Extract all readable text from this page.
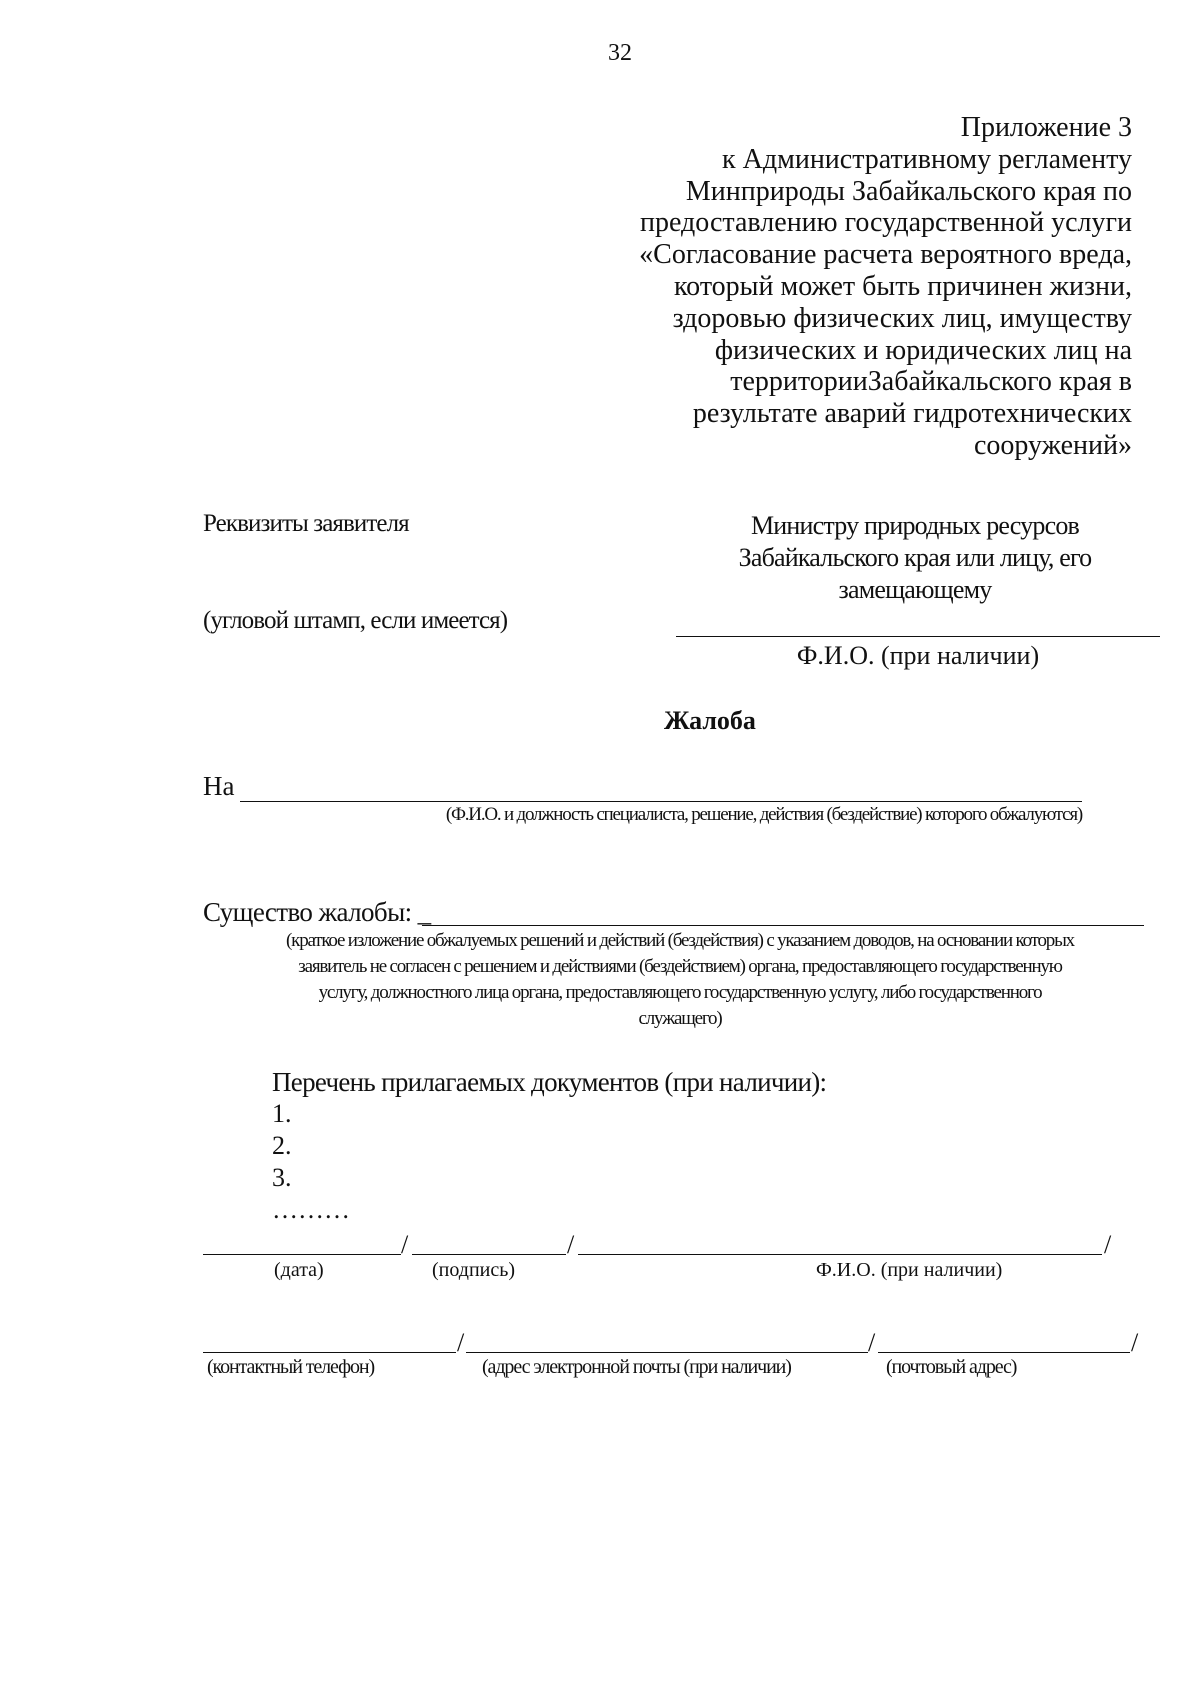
32
Приложение 3
к Административному регламенту
Минприроды Забайкальского края по
предоставлению государственной услуги
«Согласование расчета вероятного вреда,
который может быть причинен жизни,
здоровью физических лиц, имуществу
физических и юридических лиц на
территорииЗабайкальского края в
результате аварий гидротехнических
сооружений»
Реквизиты заявителя
(угловой штамп, если имеется)
Министру природных ресурсов
Забайкальского края или лицу, его
замещающему
Ф.И.О. (при наличии)
Жалоба
На
(Ф.И.О. и должность специалиста, решение, действия (бездействие) которого обжалуются)
Существо жалобы: _
(краткое изложение обжалуемых решений и действий (бездействия) с указанием доводов, на основании которых
заявитель не согласен с решением и действиями (бездействием) органа, предоставляющего государственную
услугу, должностного лица органа, предоставляющего государственную услугу, либо государственного
служащего)
Перечень прилагаемых документов (при наличии):
1.
2.
3.
………
/	/	/
(дата)	(подпись)	Ф.И.О. (при наличии)
/	/	/
(контактный телефон)	(адрес электронной почты (при наличии)	(почтовый адрес)
